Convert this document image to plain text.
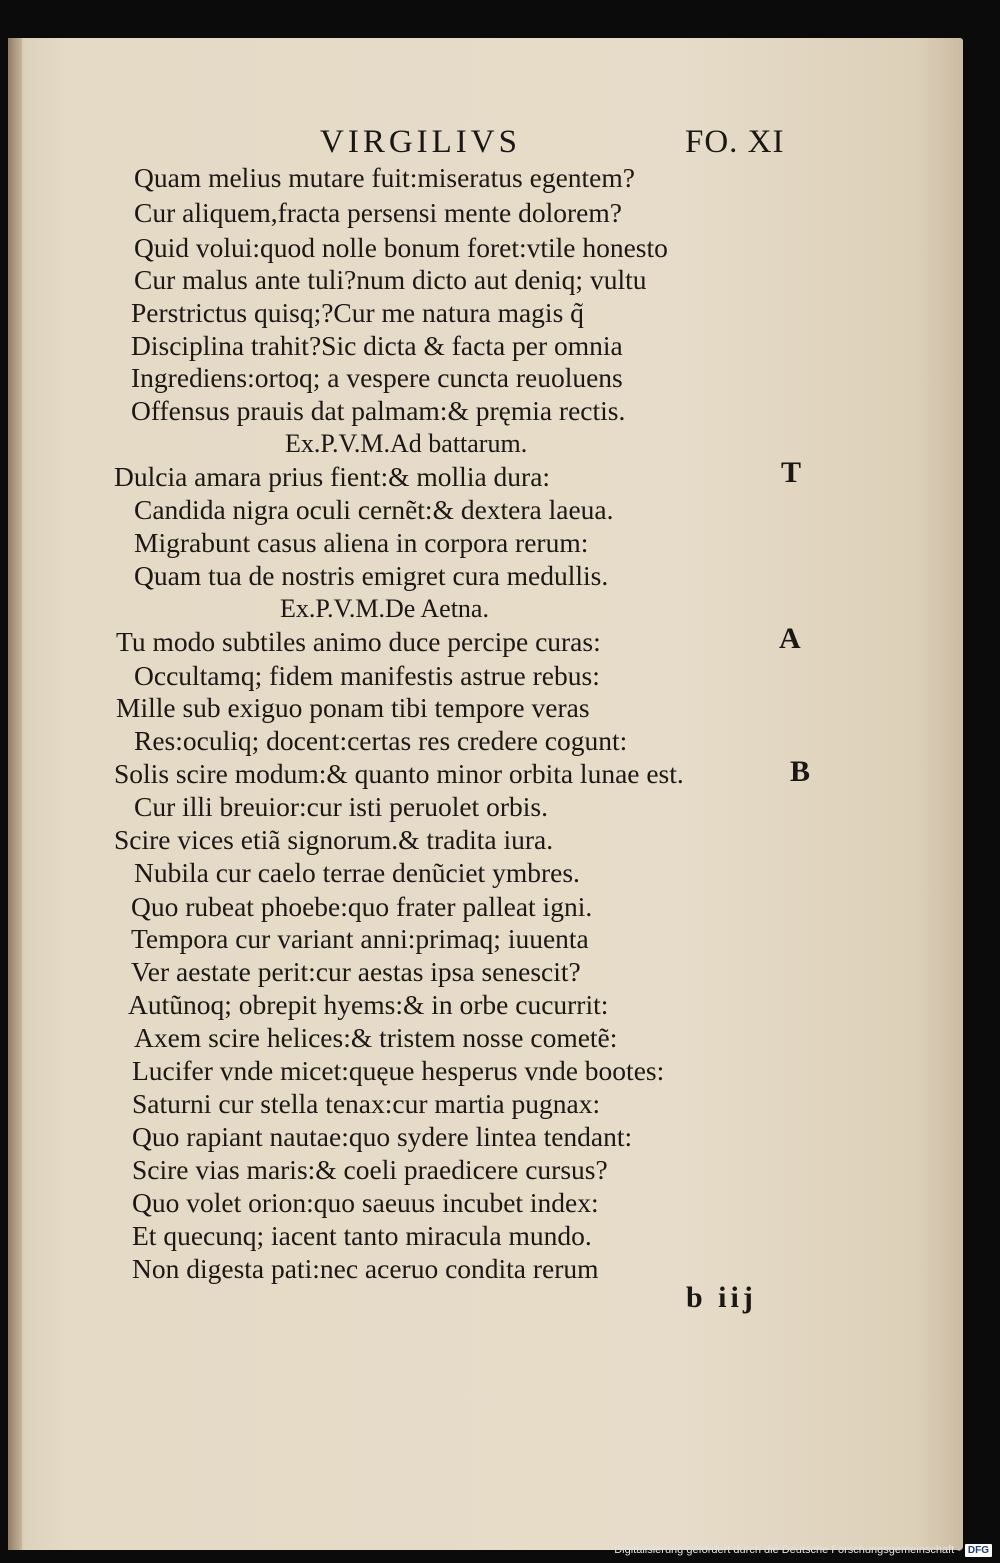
VIRGILIVS	FO. XI
Quam melius mutare fuit:miseratus egentem?
Cur aliquem,fracta persensi mente dolorem?
Quid volui:quod nolle bonum foret:vtile honesto
Cur malus ante tuli?num dicto aut deniq; vultu
Perstrictus quisq;?Cur me natura magis q̃
Disciplina trahit?Sic dicta & facta per omnia
Ingrediens:ortoq; a vespere cuncta reuoluens
Offensus prauis dat palmam:& pręmia rectis.
Ex.P.V.M.Ad battarum.
Dulcia amara prius fient:& mollia dura:
Candida nigra oculi cernẽt:& dextera laeua.
Migrabunt casus aliena in corpora rerum:
Quam tua de nostris emigret cura medullis.
Ex.P.V.M.De Aetna.
Tu modo subtiles animo duce percipe curas:
Occultamq; fidem manifestis astrue rebus:
Mille sub exiguo ponam tibi tempore veras
Res:oculiq; docent:certas res credere cogunt:
Solis scire modum:& quanto minor orbita lunae est.
Cur illi breuior:cur isti peruolet orbis.
Scire vices etiã signorum.& tradita iura.
Nubila cur caelo terrae denũciet ymbres.
Quo rubeat phoebe:quo frater palleat igni.
Tempora cur variant anni:primaq; iuuenta
Ver aestate perit:cur aestas ipsa senescit?
Autũnoq; obrepit hyems:& in orbe cucurrit:
Axem scire helices:& tristem nosse cometẽ:
Lucifer vnde micet:quęue hesperus vnde bootes:
Saturni cur stella tenax:cur martia pugnax:
Quo rapiant nautae:quo sydere lintea tendant:
Scire vias maris:& coeli praedicere cursus?
Quo volet orion:quo saeuus incubet index:
Et quecunq; iacent tanto miracula mundo.
Non digesta pati:nec aceruo condita rerum
T
A
B
b iij
Digitalisierung gefördert durch die Deutsche Forschungsgemeinschaft - DFG
